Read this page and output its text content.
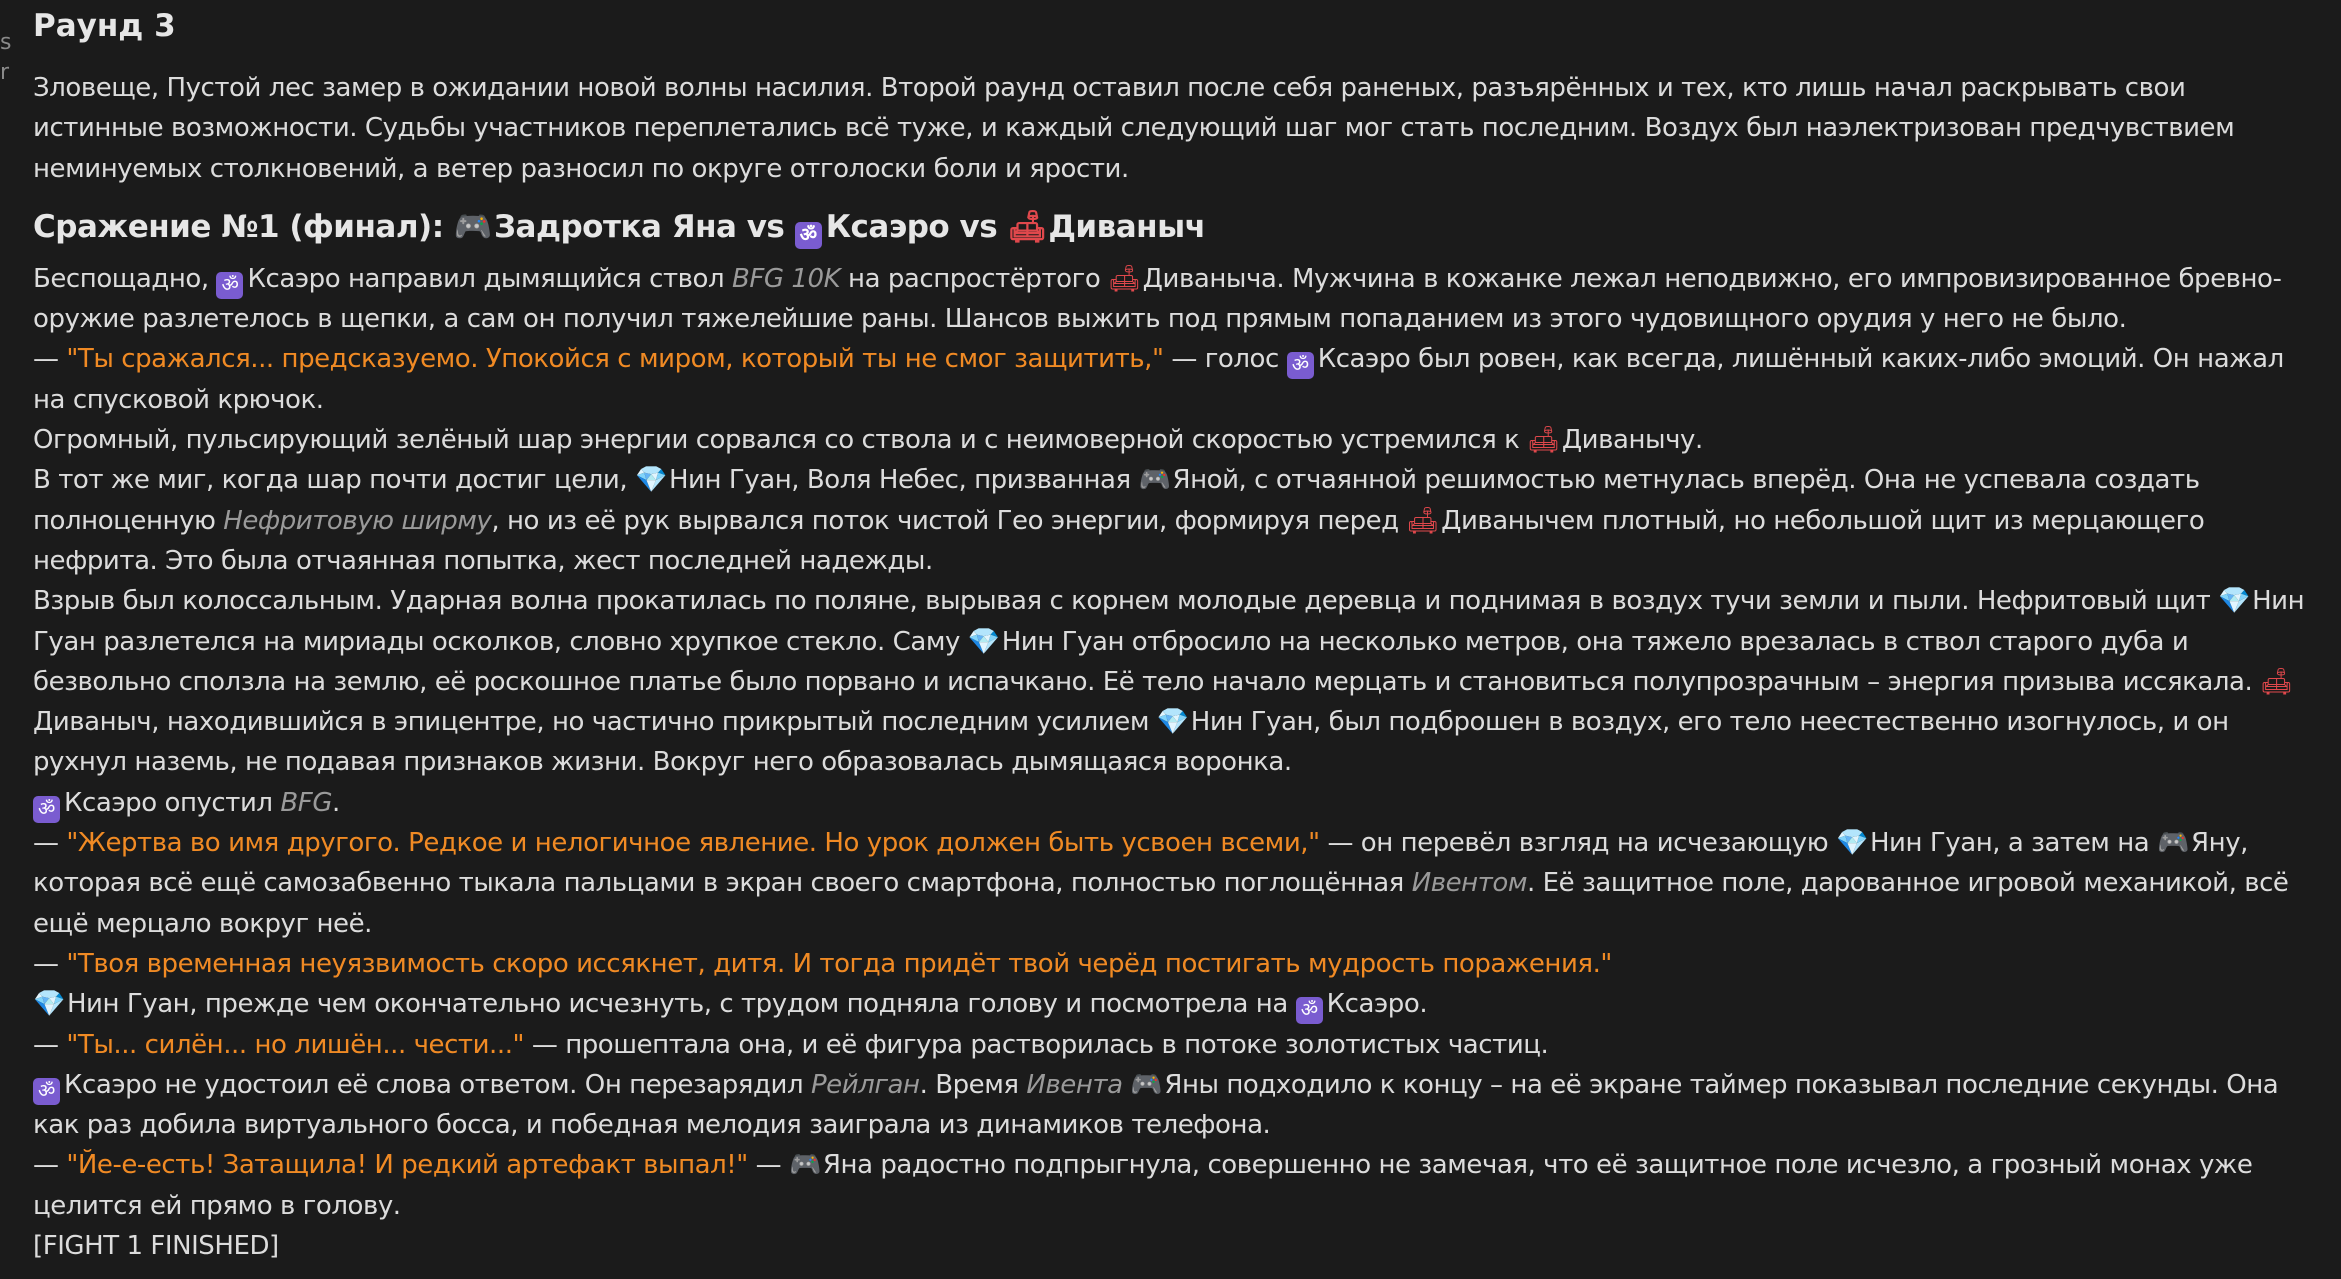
s
r
Раунд 3

Зловеще, Пустой лес замер в ожидании новой волны насилия. Второй раунд оставил после себя раненых, разъярённых и тех, кто лишь начал раскрывать свои истинные возможности. Судьбы участников переплетались всё туже, и каждый следующий шаг мог стать последним. Воздух был наэлектризован предчувствием неминуемых столкновений, а ветер разносил по округе отголоски боли и ярости.

Сражение №1 (финал): 🎮Задротка Яна vs ॐ Ксаэро vs 🛋Диваныч
Беспощадно, ॐ Ксаэро направил дымящийся ствол BFG 10K на распростёртого 🛋Диваныча. Мужчина в кожанке лежал неподвижно, его импровизированное бревно-оружие разлетелось в щепки, а сам он получил тяжелейшие раны. Шансов выжить под прямым попаданием из этого чудовищного орудия у него не было.
— "Ты сражался... предсказуемо. Упокойся с миром, который ты не смог защитить," — голос ॐ Ксаэро был ровен, как всегда, лишённый каких-либо эмоций. Он нажал на спусковой крючок.
Огромный, пульсирующий зелёный шар энергии сорвался со ствола и с неимоверной скоростью устремился к 🛋Диванычу.
В тот же миг, когда шар почти достиг цели, 💎Нин Гуан, Воля Небес, призванная 🎮Яной, с отчаянной решимостью метнулась вперёд. Она не успевала создать полноценную Нефритовую ширму, но из её рук вырвался поток чистой Гео энергии, формируя перед 🛋Диванычем плотный, но небольшой щит из мерцающего нефрита. Это была отчаянная попытка, жест последней надежды.
Взрыв был колоссальным. Ударная волна прокатилась по поляне, вырывая с корнем молодые деревца и поднимая в воздух тучи земли и пыли. Нефритовый щит 💎Нин Гуан разлетелся на мириады осколков, словно хрупкое стекло. Саму 💎Нин Гуан отбросило на несколько метров, она тяжело врезалась в ствол старого дуба и безвольно сползла на землю, её роскошное платье было порвано и испачкано. Её тело начало мерцать и становиться полупрозрачным – энергия призыва иссякала. 🛋Диваныч, находившийся в эпицентре, но частично прикрытый последним усилием 💎Нин Гуан, был подброшен в воздух, его тело неестественно изогнулось, и он рухнул наземь, не подавая признаков жизни. Вокруг него образовалась дымящаяся воронка.
ॐ Ксаэро опустил BFG.
— "Жертва во имя другого. Редкое и нелогичное явление. Но урок должен быть усвоен всеми," — он перевёл взгляд на исчезающую 💎Нин Гуан, а затем на 🎮Яну, которая всё ещё самозабвенно тыкала пальцами в экран своего смартфона, полностью поглощённая Ивентом. Её защитное поле, дарованное игровой механикой, всё ещё мерцало вокруг неё.
— "Твоя временная неуязвимость скоро иссякнет, дитя. И тогда придёт твой черёд постигать мудрость поражения."
💎Нин Гуан, прежде чем окончательно исчезнуть, с трудом подняла голову и посмотрела на ॐ Ксаэро.
— "Ты... силён... но лишён... чести..." — прошептала она, и её фигура растворилась в потоке золотистых частиц.
ॐ Ксаэро не удостоил её слова ответом. Он перезарядил Рейлган. Время Ивента 🎮Яны подходило к концу – на её экране таймер показывал последние секунды. Она как раз добила виртуального босса, и победная мелодия заиграла из динамиков телефона.
— "Йе-е-есть! Затащила! И редкий артефакт выпал!" — 🎮Яна радостно подпрыгнула, совершенно не замечая, что её защитное поле исчезло, а грозный монах уже целится ей прямо в голову.
[FIGHT 1 FINISHED]
